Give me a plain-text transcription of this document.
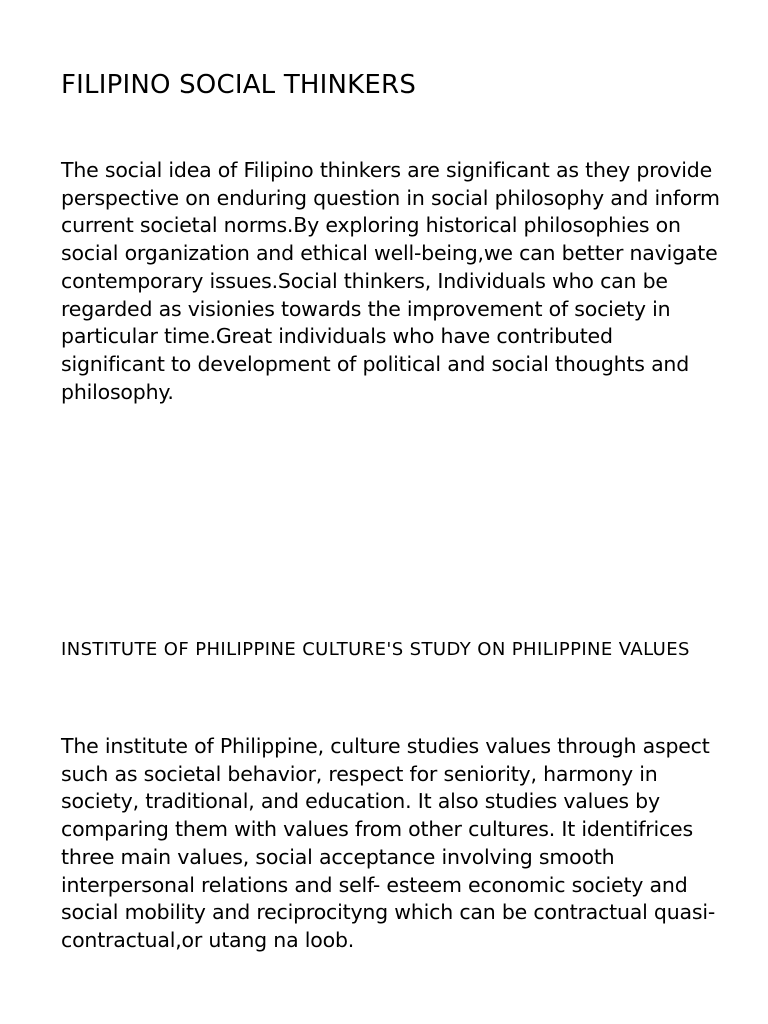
FILIPINO SOCIAL THINKERS

The social idea of Filipino thinkers are significant as they provide perspective on enduring question in social philosophy and inform current societal norms.By exploring historical philosophies on social organization and ethical well-being,we can better navigate contemporary issues.Social thinkers, Individuals who can be regarded as visionies towards the improvement of society in particular time.Great individuals who have contributed significant to development of political and social thoughts and philosophy.

INSTITUTE OF PHILIPPINE CULTURE'S STUDY ON PHILIPPINE VALUES

The institute of Philippine, culture studies values through aspect such as societal behavior, respect for seniority, harmony in society, traditional, and education. It also studies values by comparing them with values from other cultures. It identifrices three main values, social acceptance involving smooth interpersonal relations and self- esteem economic society and social mobility and reciprocityng which can be contractual quasi- contractual,or utang na loob.
